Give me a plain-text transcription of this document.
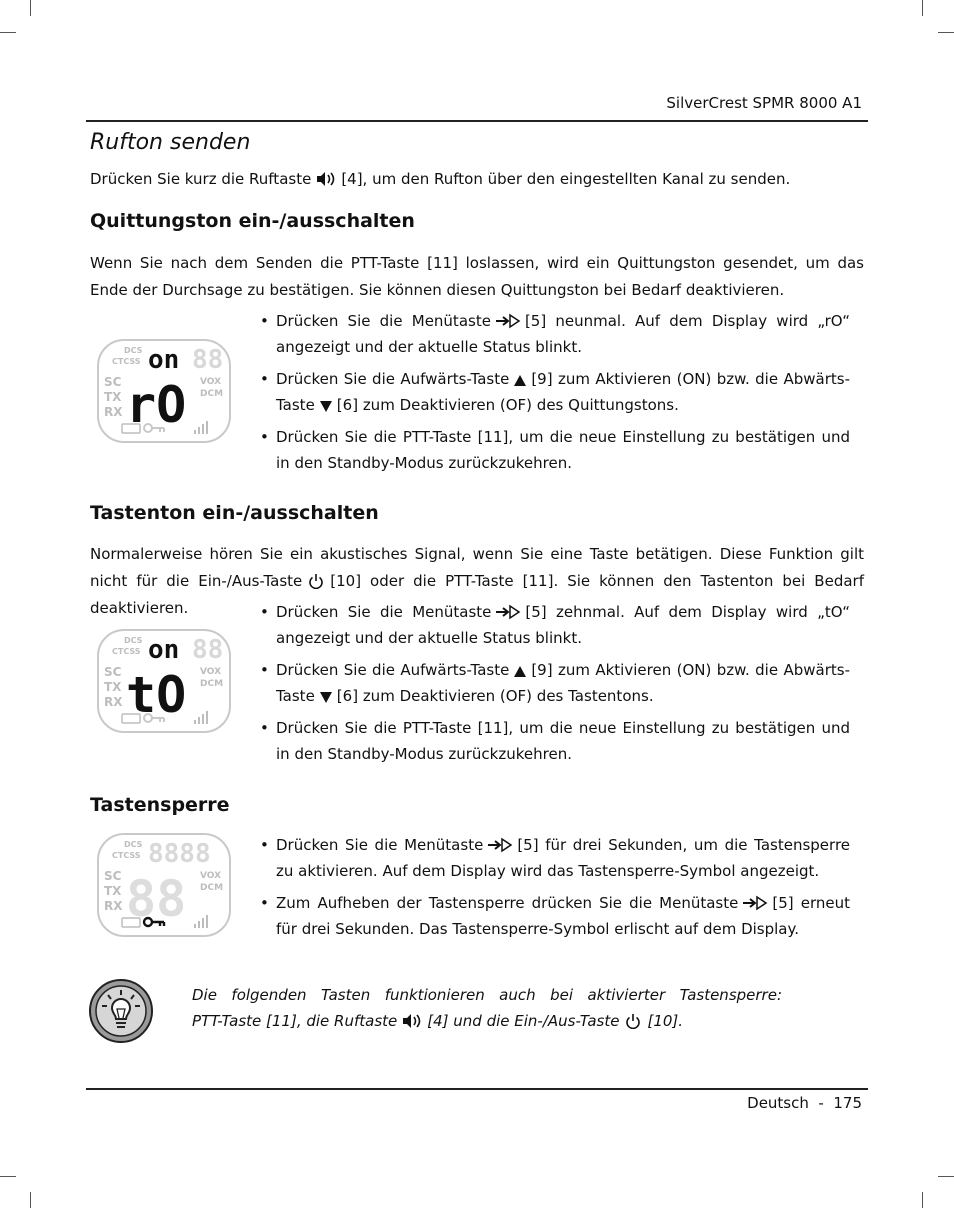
SilverCrest SPMR 8000 A1
Rufton senden

Drücken Sie kurz die Ruftaste [4], um den Rufton über den eingestellten Kanal zu senden.

Quittungston ein-/ausschalten

Wenn Sie nach dem Senden die PTT-Taste [11] loslassen, wird ein Quittungston gesendet, um das Ende der Durchsage zu bestätigen. Sie können diesen Quittungston bei Bedarf deaktivieren.

DCS
CTCSS 88
on
SC
TX
RX
VOX
DCM
rO
• Drücken Sie die Menütaste [5] neunmal. Auf dem Display wird „rO“ angezeigt und der aktuelle Status blinkt.
• Drücken Sie die Aufwärts-Taste [9] zum Aktivieren (ON) bzw. die Abwärts-Taste [6] zum Deaktivieren (OF) des Quittungstons.
• Drücken Sie die PTT-Taste [11], um die neue Einstellung zu bestätigen und in den Standby-Modus zurückzukehren.
Tastenton ein-/ausschalten

Normalerweise hören Sie ein akustisches Signal, wenn Sie eine Taste betätigen. Diese Funktion gilt nicht für die Ein-/Aus-Taste [10] oder die PTT-Taste [11]. Sie können den Tastenton bei Bedarf deaktivieren.

DCS
CTCSS 88
on
SC
TX
RX
VOX
DCM
tO
• Drücken Sie die Menütaste [5] zehnmal. Auf dem Display wird „tO“ angezeigt und der aktuelle Status blinkt.
• Drücken Sie die Aufwärts-Taste [9] zum Aktivieren (ON) bzw. die Abwärts-Taste [6] zum Deaktivieren (OF) des Tastentons.
• Drücken Sie die PTT-Taste [11], um die neue Einstellung zu bestätigen und in den Standby-Modus zurückzukehren.
Tastensperre
DCS
CTCSS 8888
SC
TX
RX
VOX
DCM
88
• Drücken Sie die Menütaste [5] für drei Sekunden, um die Tastensperre zu aktivieren. Auf dem Display wird das Tastensperre-Symbol angezeigt.
• Zum Aufheben der Tastensperre drücken Sie die Menütaste [5] erneut für drei Sekunden. Das Tastensperre-Symbol erlischt auf dem Display.

Die folgenden Tasten funktionieren auch bei aktivierter Tastensperre:
PTT-Taste [11], die Ruftaste [4] und die Ein-/Aus-Taste [10].

Deutsch  -  175
